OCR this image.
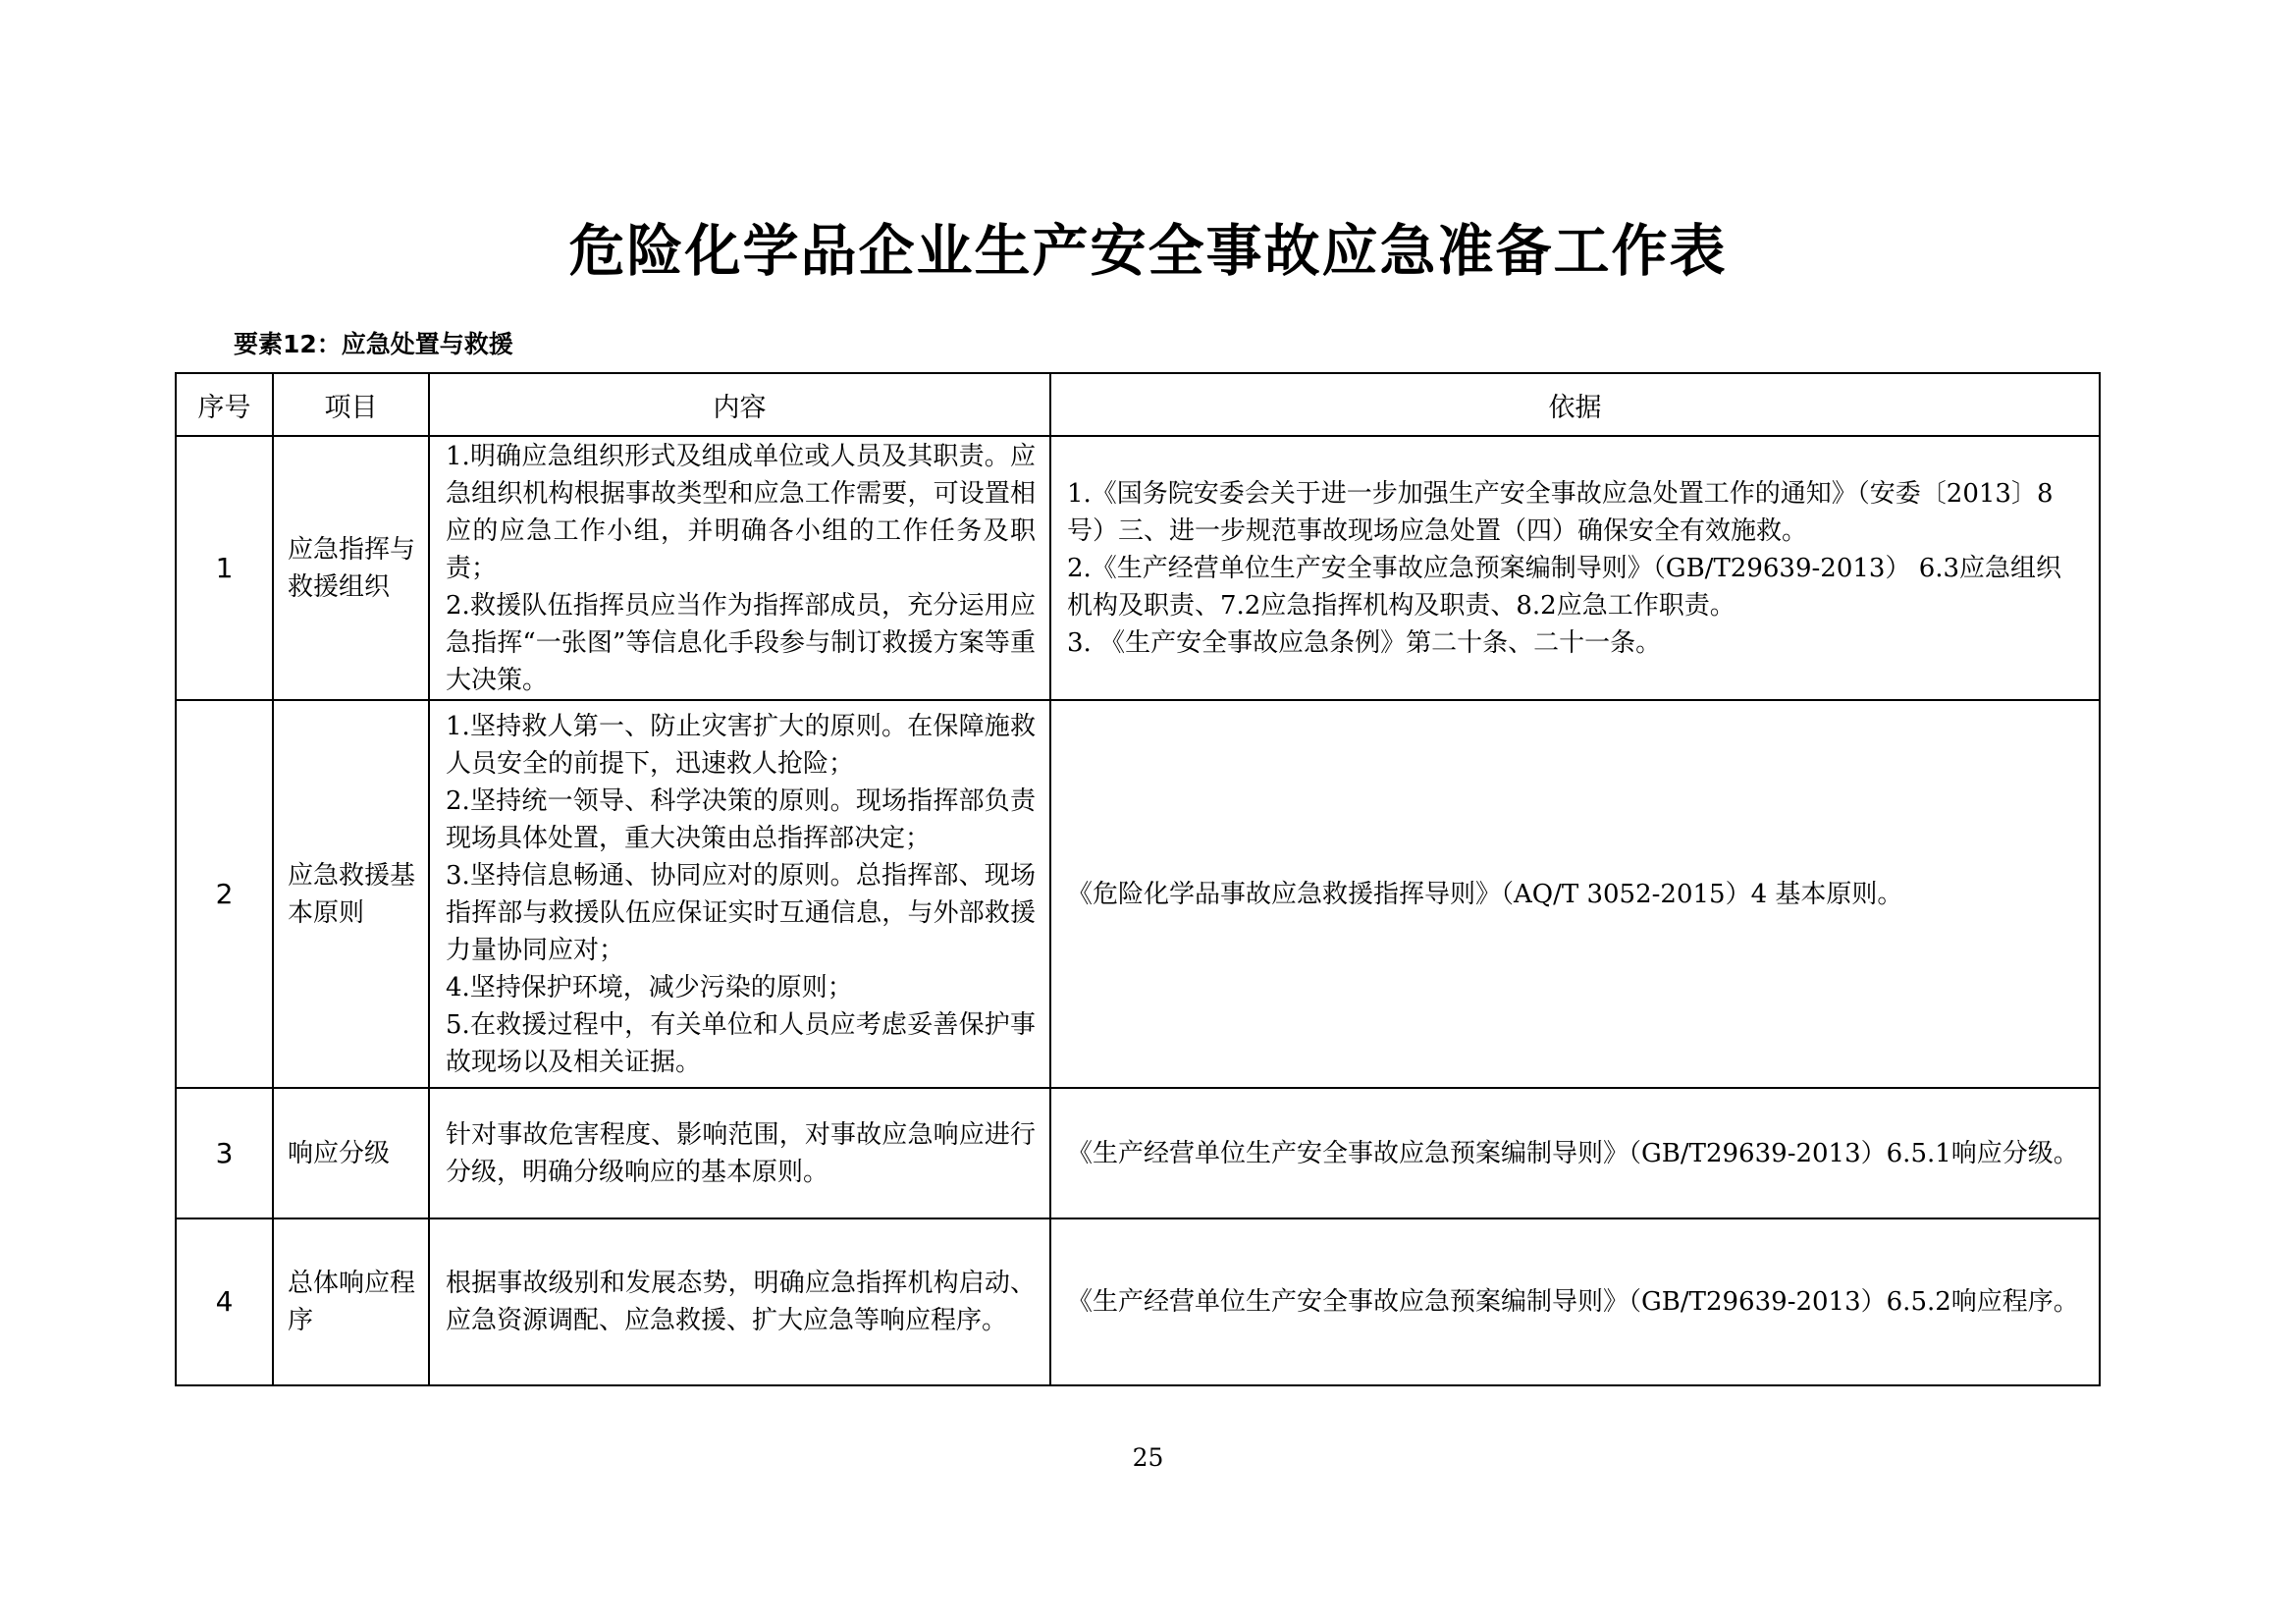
危险化学品企业生产安全事故应急准备工作表
要素12：应急处置与救援
序号	项目	内容	依据
1	应急指挥与救援组织	1.明确应急组织形式及组成单位或人员及其职责。应急组织机构根据事故类型和应急工作需要，可设置相应的应急工作小组，并明确各小组的工作任务及职责；
2.救援队伍指挥员应当作为指挥部成员，充分运用应急指挥“一张图”等信息化手段参与制订救援方案等重大决策。	1.《国务院安委会关于进一步加强生产安全事故应急处置工作的通知》（安委〔2013〕8号）三、进一步规范事故现场应急处置（四）确保安全有效施救。
2.《生产经营单位生产安全事故应急预案编制导则》（GB/T29639-2013） 6.3应急组织机构及职责、7.2应急指挥机构及职责、8.2应急工作职责。
3. 《生产安全事故应急条例》第二十条、二十一条。

2	应急救援基本原则	1.坚持救人第一、防止灾害扩大的原则。在保障施救人员安全的前提下，迅速救人抢险；
2.坚持统一领导、科学决策的原则。现场指挥部负责现场具体处置，重大决策由总指挥部决定；
3.坚持信息畅通、协同应对的原则。总指挥部、现场指挥部与救援队伍应保证实时互通信息，与外部救援力量协同应对；
4.坚持保护环境，减少污染的原则；
5.在救援过程中，有关单位和人员应考虑妥善保护事故现场以及相关证据。	《危险化学品事故应急救援指挥导则》（AQ/T 3052-2015）4 基本原则。

3	响应分级	针对事故危害程度、影响范围，对事故应急响应进行分级，明确分级响应的基本原则。	《生产经营单位生产安全事故应急预案编制导则》（GB/T29639-2013）6.5.1响应分级。

4	总体响应程序	根据事故级别和发展态势，明确应急指挥机构启动、应急资源调配、应急救援、扩大应急等响应程序。	《生产经营单位生产安全事故应急预案编制导则》（GB/T29639-2013）6.5.2响应程序。
25
